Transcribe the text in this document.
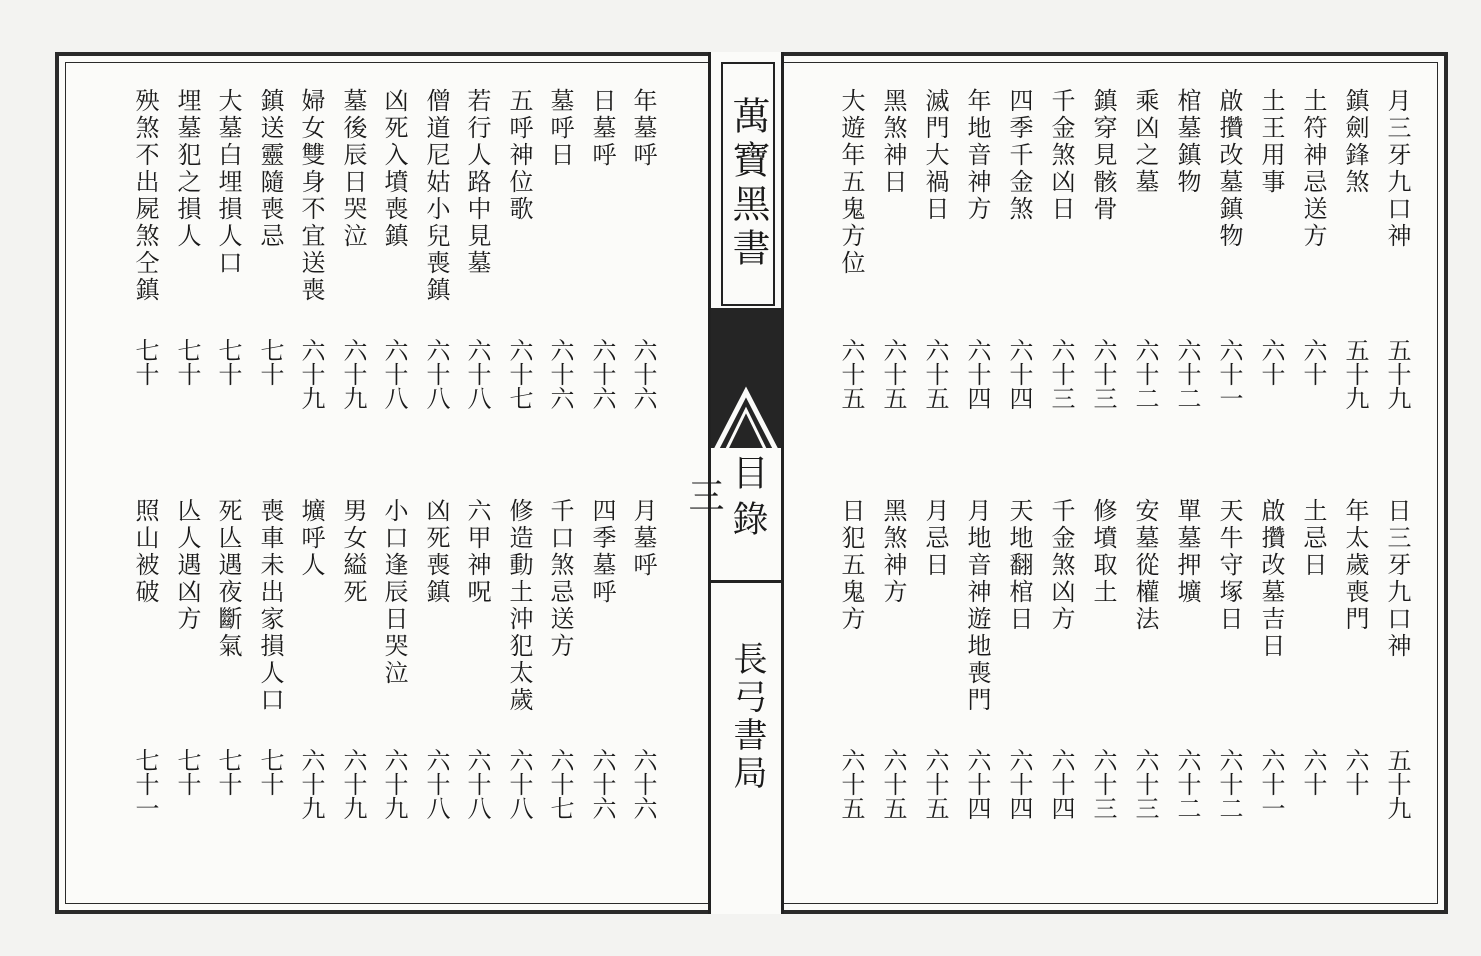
萬寶黑書
目錄 三
長弓書局
月三牙九口神
五十九
鎮劍鋒煞
五十九
土符神忌送方
六十
土王用事
六十
啟攢改墓鎮物
六十一
棺墓鎮物
六十二
乘凶之墓
六十二
鎮穿見骸骨
六十三
千金煞凶日
六十三
四季千金煞
六十四
年地音神方
六十四
滅門大禍日
六十五
黑煞神日
六十五
大遊年五鬼方位
六十五
日三牙九口神
五十九
年太歲喪門
六十
土忌日
六十
啟攢改墓吉日
六十一
天牛守塚日
六十二
單墓押壙
六十二
安墓從權法
六十三
修墳取土
六十三
千金煞凶方
六十四
天地翻棺日
六十四
月地音神遊地喪門
六十四
月忌日
六十五
黑煞神方
六十五
日犯五鬼方
六十五
年墓呼
六十六
日墓呼
六十六
墓呼日
六十六
五呼神位歌
六十七
若行人路中見墓
六十八
僧道尼姑小兒喪鎮
六十八
凶死入墳喪鎮
六十八
墓後辰日哭泣
六十九
婦女雙身不宜送喪
六十九
鎮送靈隨喪忌
七十
大墓白埋損人口
七十
埋墓犯之損人
七十
殃煞不出屍煞仝鎮
七十
月墓呼
六十六
四季墓呼
六十六
千口煞忌送方
六十七
修造動土沖犯太歲
六十八
六甲神呪
六十八
凶死喪鎮
六十八
小口逢辰日哭泣
六十九
男女縊死
六十九
壙呼人
六十九
喪車未出家損人口
七十
死亾遇夜斷氣
七十
亾人遇凶方
七十
照山被破
七十一
